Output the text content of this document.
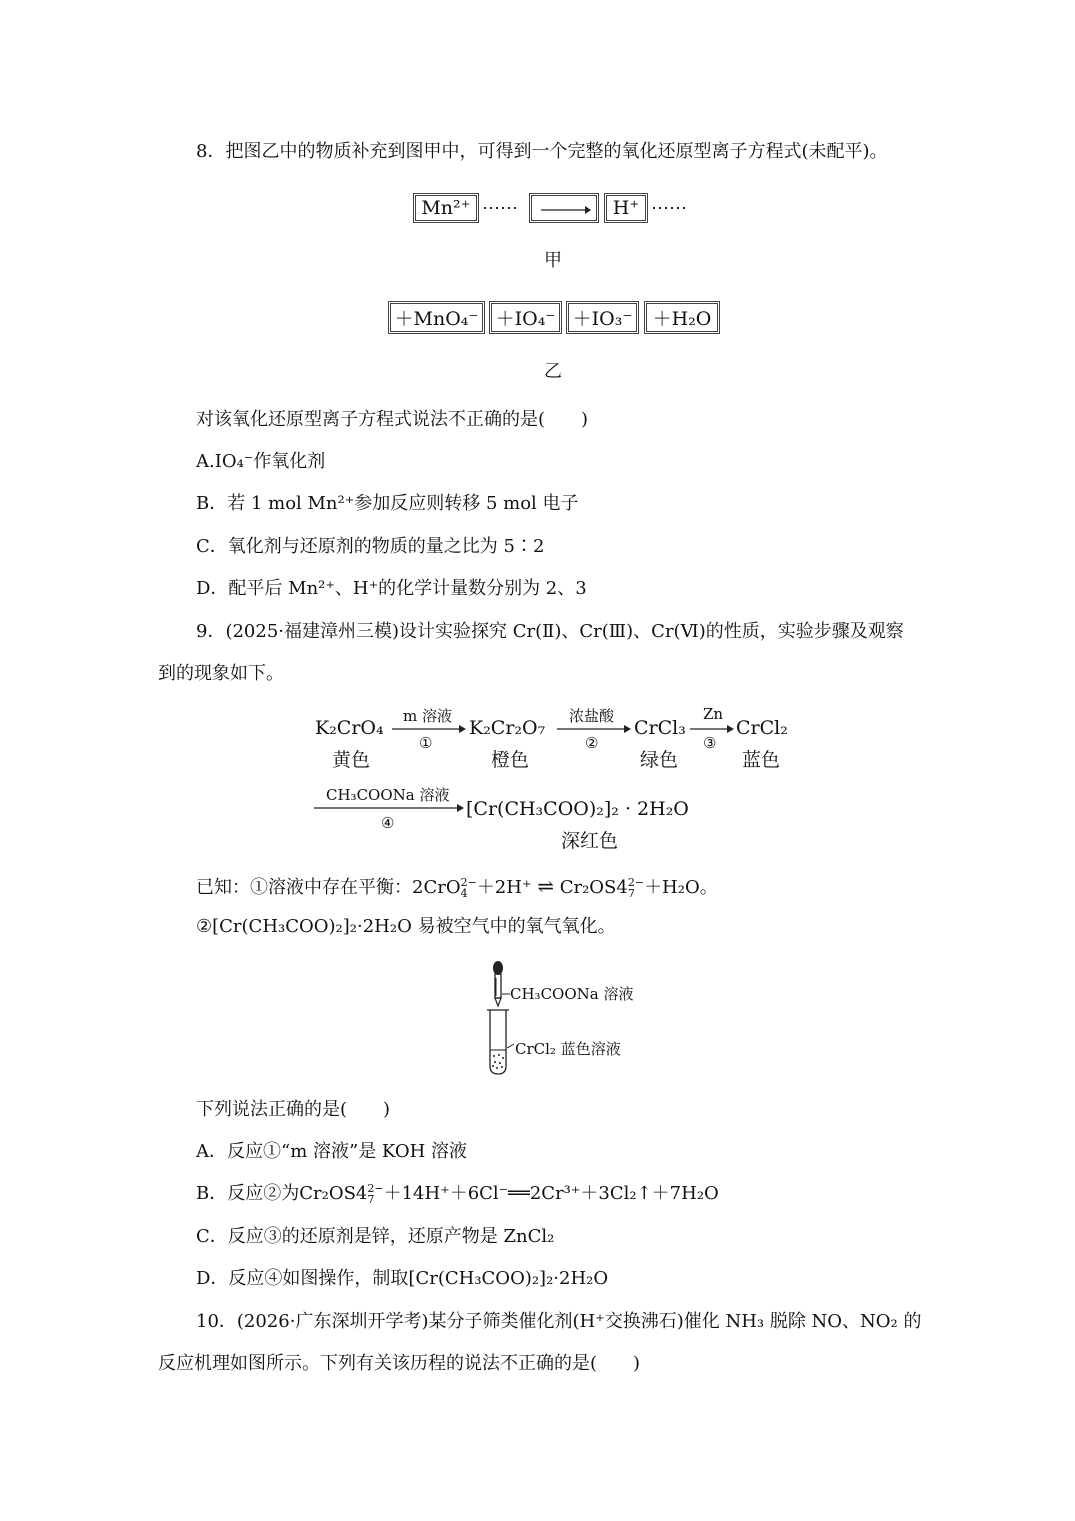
8．把图乙中的物质补充到图甲中，可得到一个完整的氧化还原型离子方程式(未配平)。
Mn²⁺ ⋯⋯	H⁺ ⋯⋯
甲
＋MnO₄⁻ ＋IO₄⁻ ＋IO₃⁻	＋H₂O
乙
对该氧化还原型离子方程式说法不正确的是(　　)
A.IO₄⁻作氧化剂
B．若 1 mol Mn²⁺参加反应则转移 5 mol 电子
C．氧化剂与还原剂的物质的量之比为 5∶2
D．配平后 Mn²⁺、H⁺的化学计量数分别为 2、3
9．(2025·福建漳州三模)设计实验探究 Cr(Ⅱ)、Cr(Ⅲ)、Cr(Ⅵ)的性质，实验步骤及观察
到的现象如下。
K₂CrO₄
黄色
m 溶液
①
K₂Cr₂O₇
橙色
浓盐酸
②
CrCl₃
绿色
Zn
③
CrCl₂
蓝色
CH₃COONa 溶液
④
[Cr(CH₃COO)₂]₂ · 2H₂O
深红色
已知：①溶液中存在平衡：2CrO2−
4 ＋2H⁺ ⇌ Cr₂OS42−
7 ＋H₂O。
②[Cr(CH₃COO)₂]₂·2H₂O 易被空气中的氧气氧化。
CH₃COONa 溶液
CrCl₂ 蓝色溶液
下列说法正确的是(　　)
A．反应①“m 溶液”是 KOH 溶液
B．反应②为Cr₂OS42−
7 ＋14H⁺＋6Cl⁻══2Cr³⁺＋3Cl₂↑＋7H₂O
C．反应③的还原剂是锌，还原产物是 ZnCl₂
D．反应④如图操作，制取[Cr(CH₃COO)₂]₂·2H₂O
10．(2026·广东深圳开学考)某分子筛类催化剂(H⁺交换沸石)催化 NH₃ 脱除 NO、NO₂ 的
反应机理如图所示。下列有关该历程的说法不正确的是(　　)
